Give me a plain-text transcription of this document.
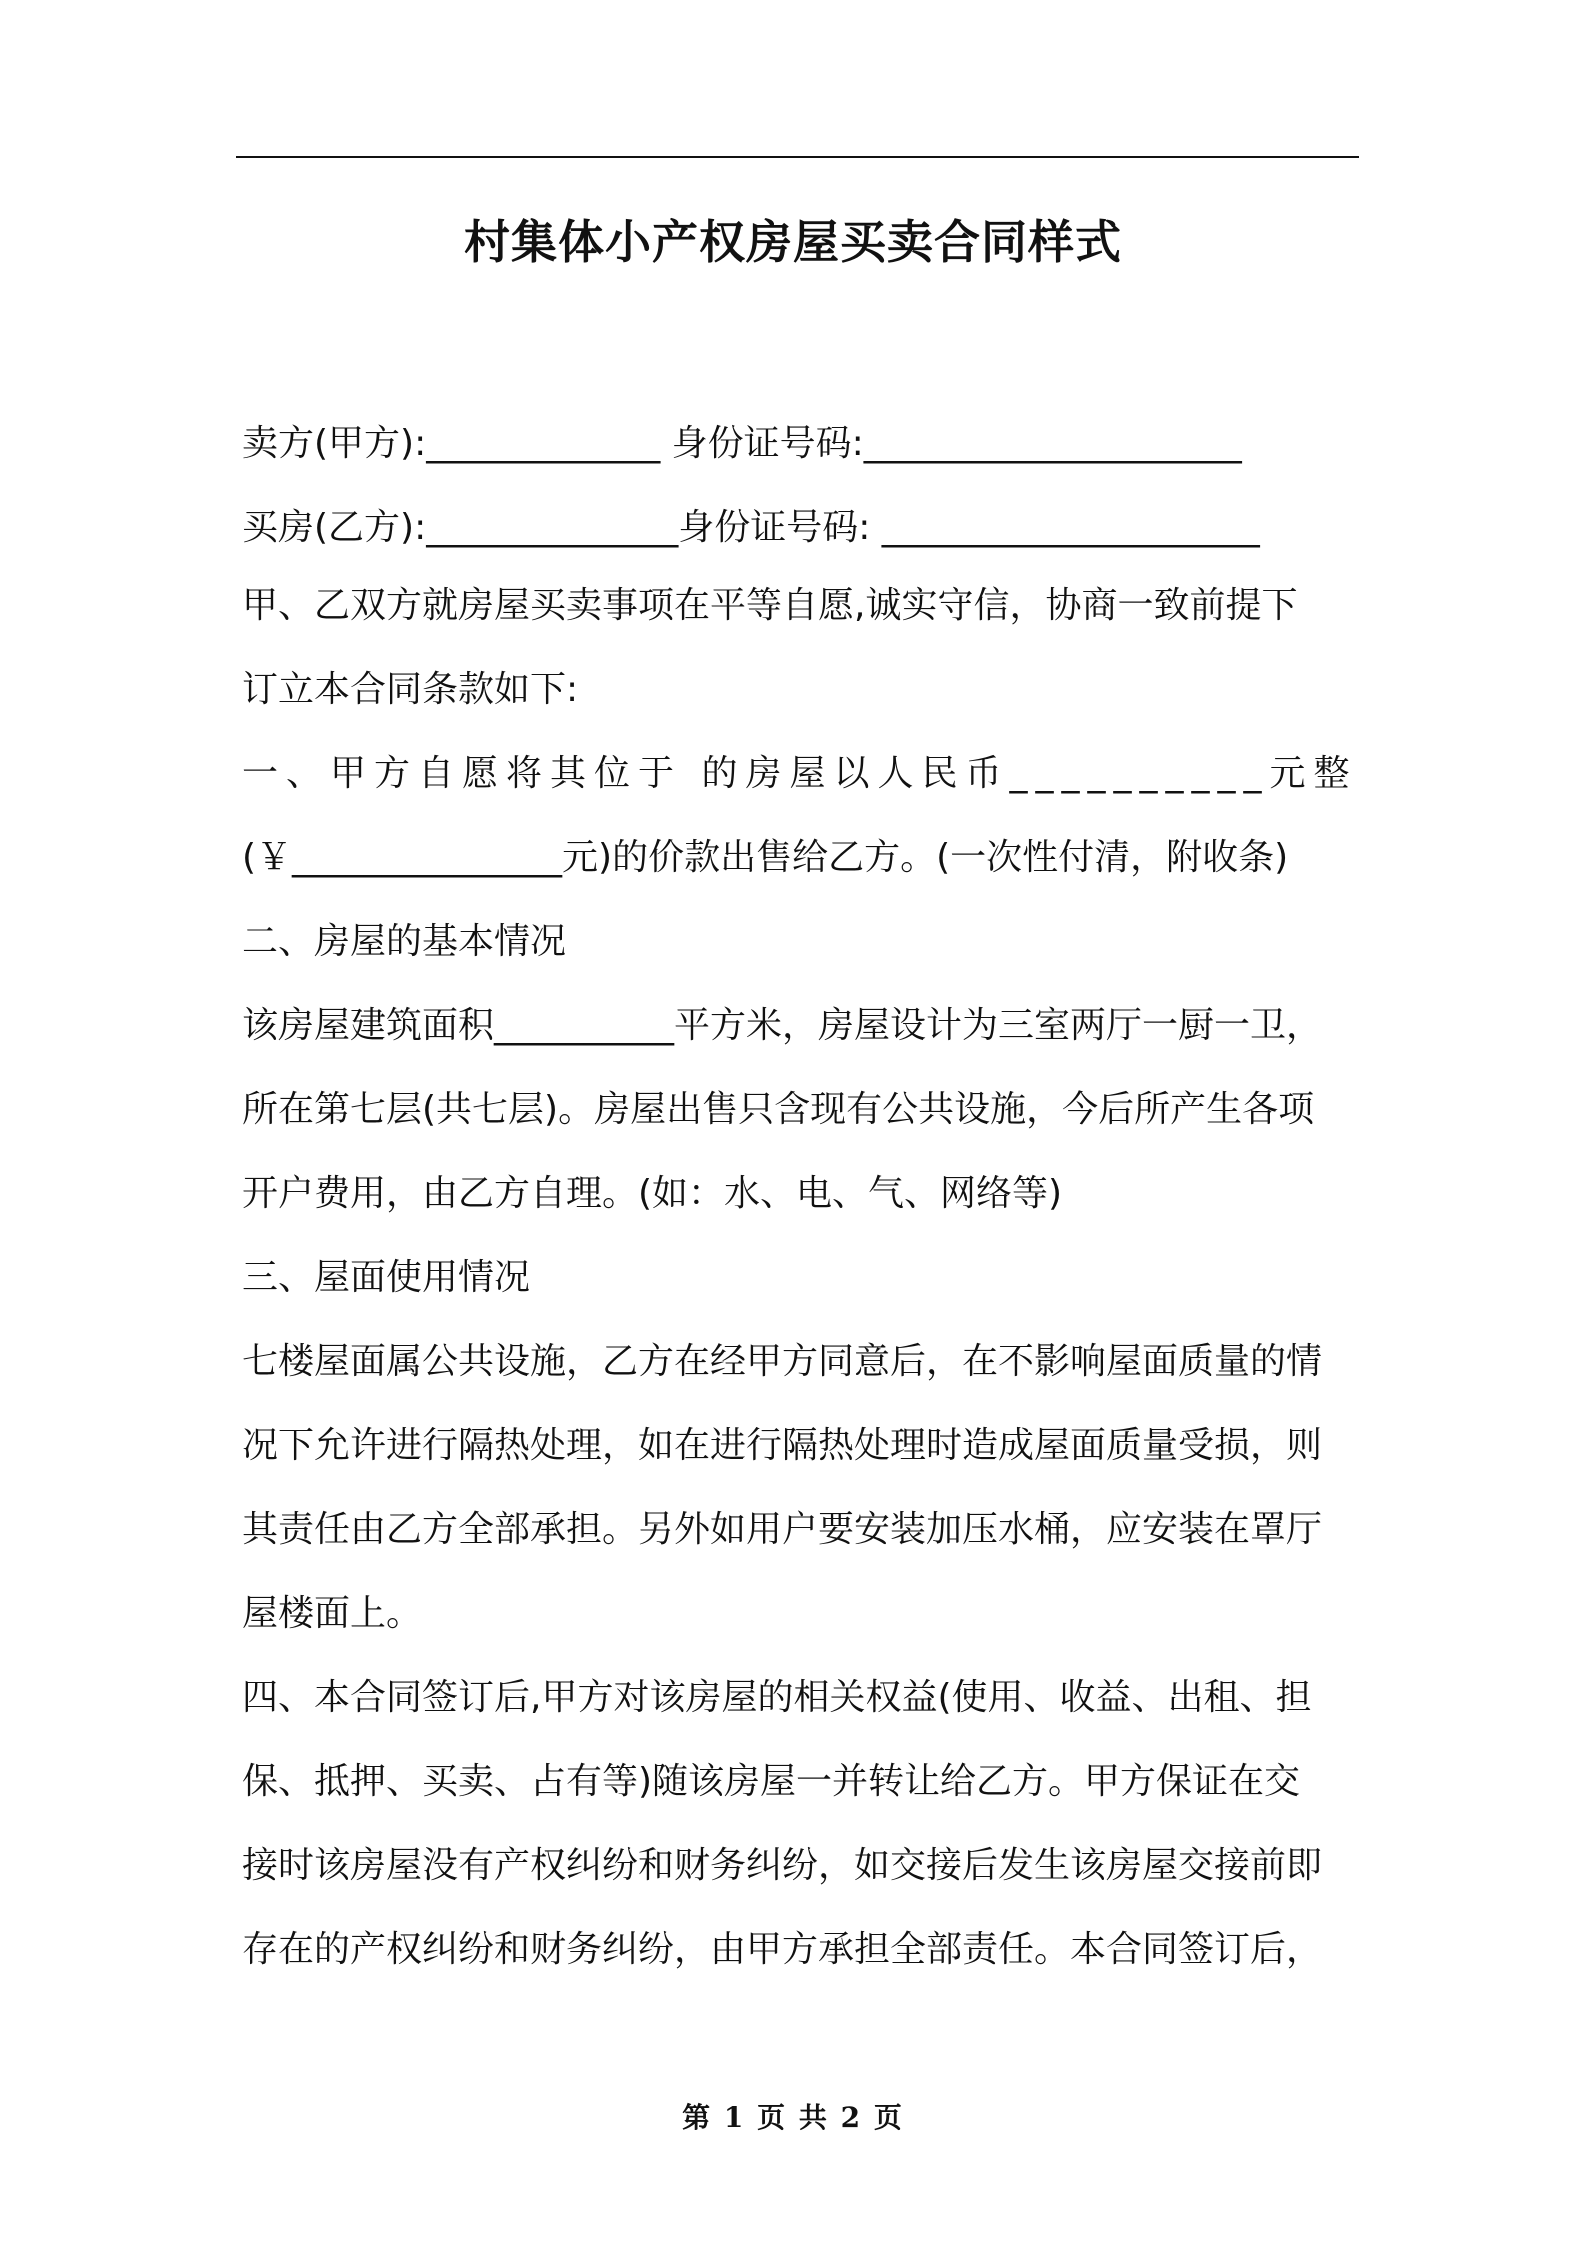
村集体小产权房屋买卖合同样式
卖方(甲方):_____________ 身份证号码:_____________________
买房(乙方):______________身份证号码: _____________________
甲、乙双方就房屋买卖事项在平等自愿,诚实守信，协商一致前提下
订立本合同条款如下:
一、甲方自愿将其位于 的房屋以人民币__________元整
(￥_______________元)的价款出售给乙方。(一次性付清，附收条)
二、房屋的基本情况
该房屋建筑面积__________平方米，房屋设计为三室两厅一厨一卫，
所在第七层(共七层)。房屋出售只含现有公共设施，今后所产生各项
开户费用，由乙方自理。(如：水、电、气、网络等)
三、屋面使用情况
七楼屋面属公共设施，乙方在经甲方同意后，在不影响屋面质量的情
况下允许进行隔热处理，如在进行隔热处理时造成屋面质量受损，则
其责任由乙方全部承担。另外如用户要安装加压水桶，应安装在罩厅
屋楼面上。
四、本合同签订后,甲方对该房屋的相关权益(使用、收益、出租、担
保、抵押、买卖、占有等)随该房屋一并转让给乙方。甲方保证在交
接时该房屋没有产权纠纷和财务纠纷，如交接后发生该房屋交接前即
存在的产权纠纷和财务纠纷，由甲方承担全部责任。本合同签订后，
第 1 页 共 2 页
